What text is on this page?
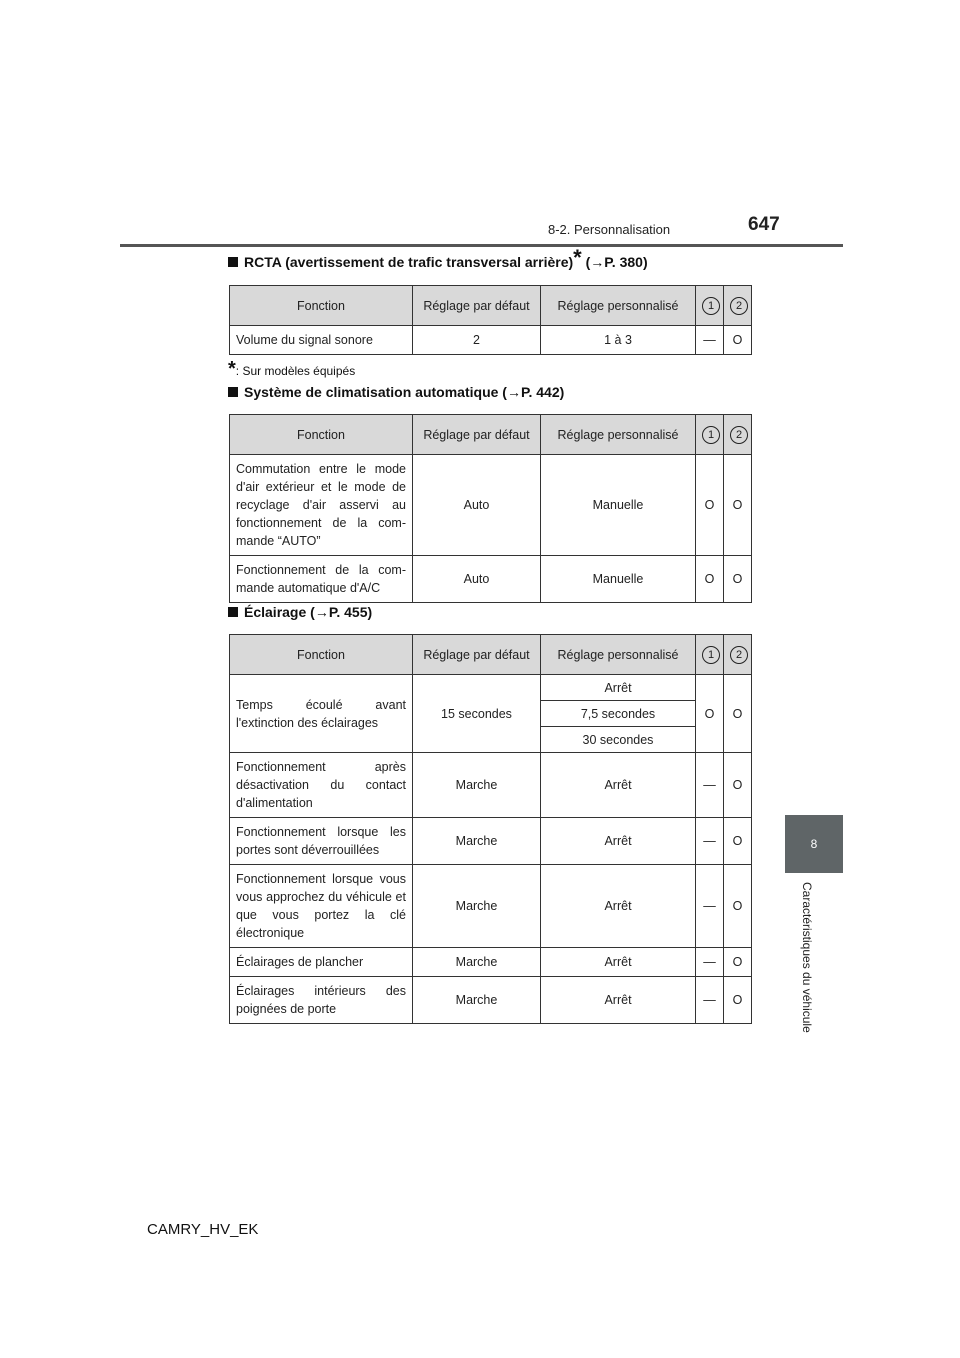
8-2. Personnalisation	647
8
Caractéristiques du véhicule
RCTA (avertissement de trafic transversal arrière)* (→P. 380)
Fonction	Réglage par défaut	Réglage personnalisé	1	2
Volume du signal sonore	2	1 à 3	—	O
*: Sur modèles équipés
Système de climatisation automatique (→P. 442)
Fonction	Réglage par défaut	Réglage personnalisé	1	2
Commutation entre le mode d'air extérieur et le mode de recyclage d'air asservi au fonctionnement de la com-mande “AUTO”	Auto	Manuelle	O	O
Fonctionnement de la com-mande automatique d'A/C	Auto	Manuelle	O	O
Éclairage (→P. 455)
Fonction	Réglage par défaut	Réglage personnalisé	1	2
Temps écoulé avant l'extinction des éclairages	15 secondes	Arrêt	O	O
		7,5 secondes		
		30 secondes		
Fonctionnement après désactivation du contact d'alimentation	Marche	Arrêt	—	O
Fonctionnement lorsque les portes sont déverrouillées	Marche	Arrêt	—	O
Fonctionnement lorsque vous vous approchez du véhicule et que vous portez la clé électronique	Marche	Arrêt	—	O
Éclairages de plancher	Marche	Arrêt	—	O
Éclairages intérieurs des poignées de porte	Marche	Arrêt	—	O
CAMRY_HV_EK
